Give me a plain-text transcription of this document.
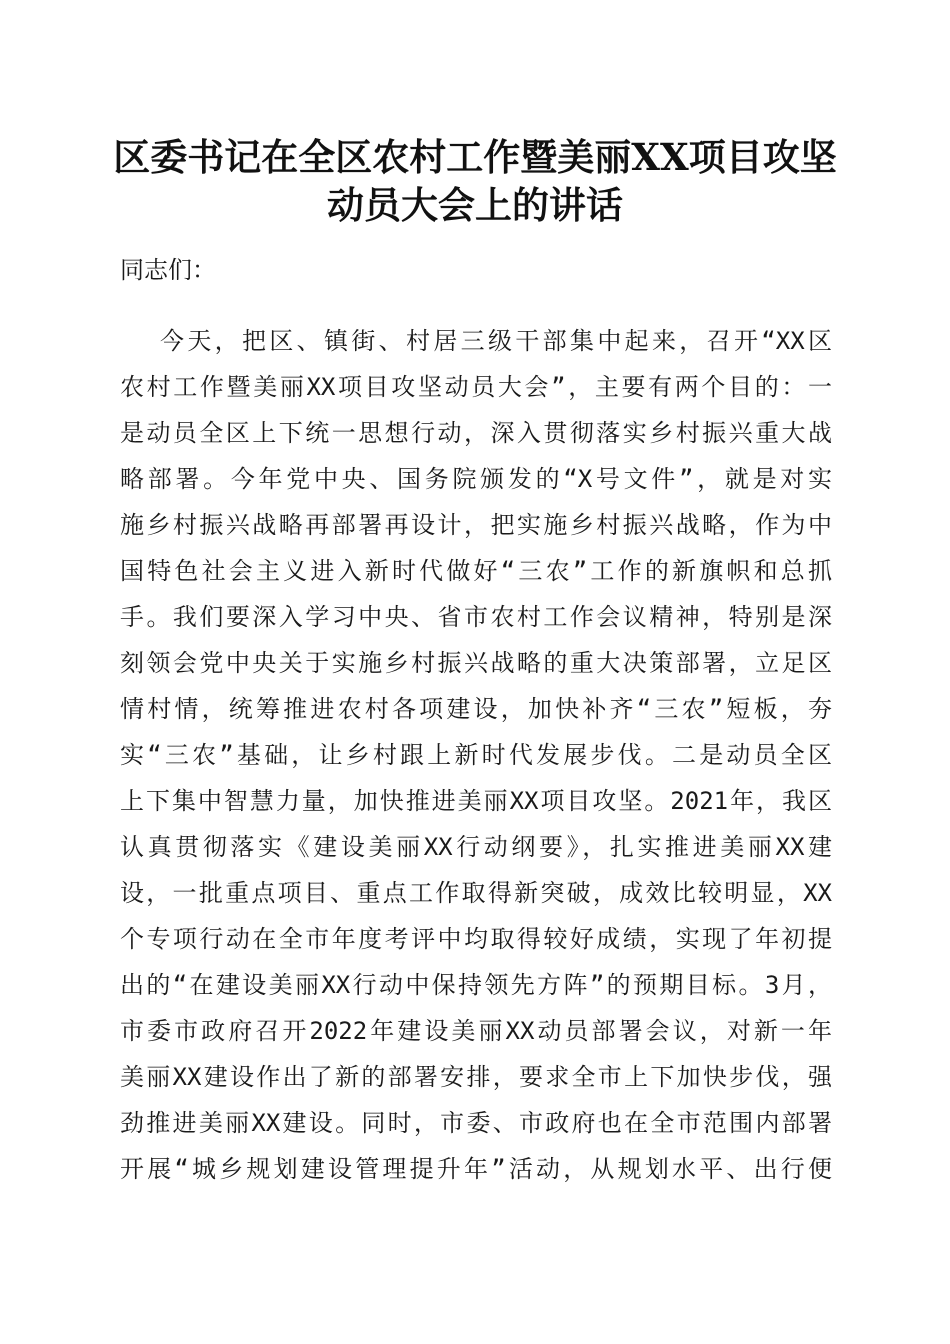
区委书记在全区农村工作暨美丽XX项目攻坚
动员大会上的讲话

同志们：

今天，把区、镇街、村居三级干部集中起来，召开“XX区
农村工作暨美丽XX项目攻坚动员大会”，主要有两个目的：一
是动员全区上下统一思想行动，深入贯彻落实乡村振兴重大战
略部署。今年党中央、国务院颁发的“X号文件”，就是对实
施乡村振兴战略再部署再设计，把实施乡村振兴战略，作为中
国特色社会主义进入新时代做好“三农”工作的新旗帜和总抓
手。我们要深入学习中央、省市农村工作会议精神，特别是深
刻领会党中央关于实施乡村振兴战略的重大决策部署，立足区
情村情，统筹推进农村各项建设，加快补齐“三农”短板，夯
实“三农”基础，让乡村跟上新时代发展步伐。二是动员全区
上下集中智慧力量，加快推进美丽XX项目攻坚。2021年，我区
认真贯彻落实《建设美丽XX行动纲要》，扎实推进美丽XX建
设，一批重点项目、重点工作取得新突破，成效比较明显，XX
个专项行动在全市年度考评中均取得较好成绩，实现了年初提
出的“在建设美丽XX行动中保持领先方阵”的预期目标。3月，
市委市政府召开2022年建设美丽XX动员部署会议，对新一年
美丽XX建设作出了新的部署安排，要求全市上下加快步伐，强
劲推进美丽XX建设。同时，市委、市政府也在全市范围内部署
开展“城乡规划建设管理提升年”活动，从规划水平、出行便
